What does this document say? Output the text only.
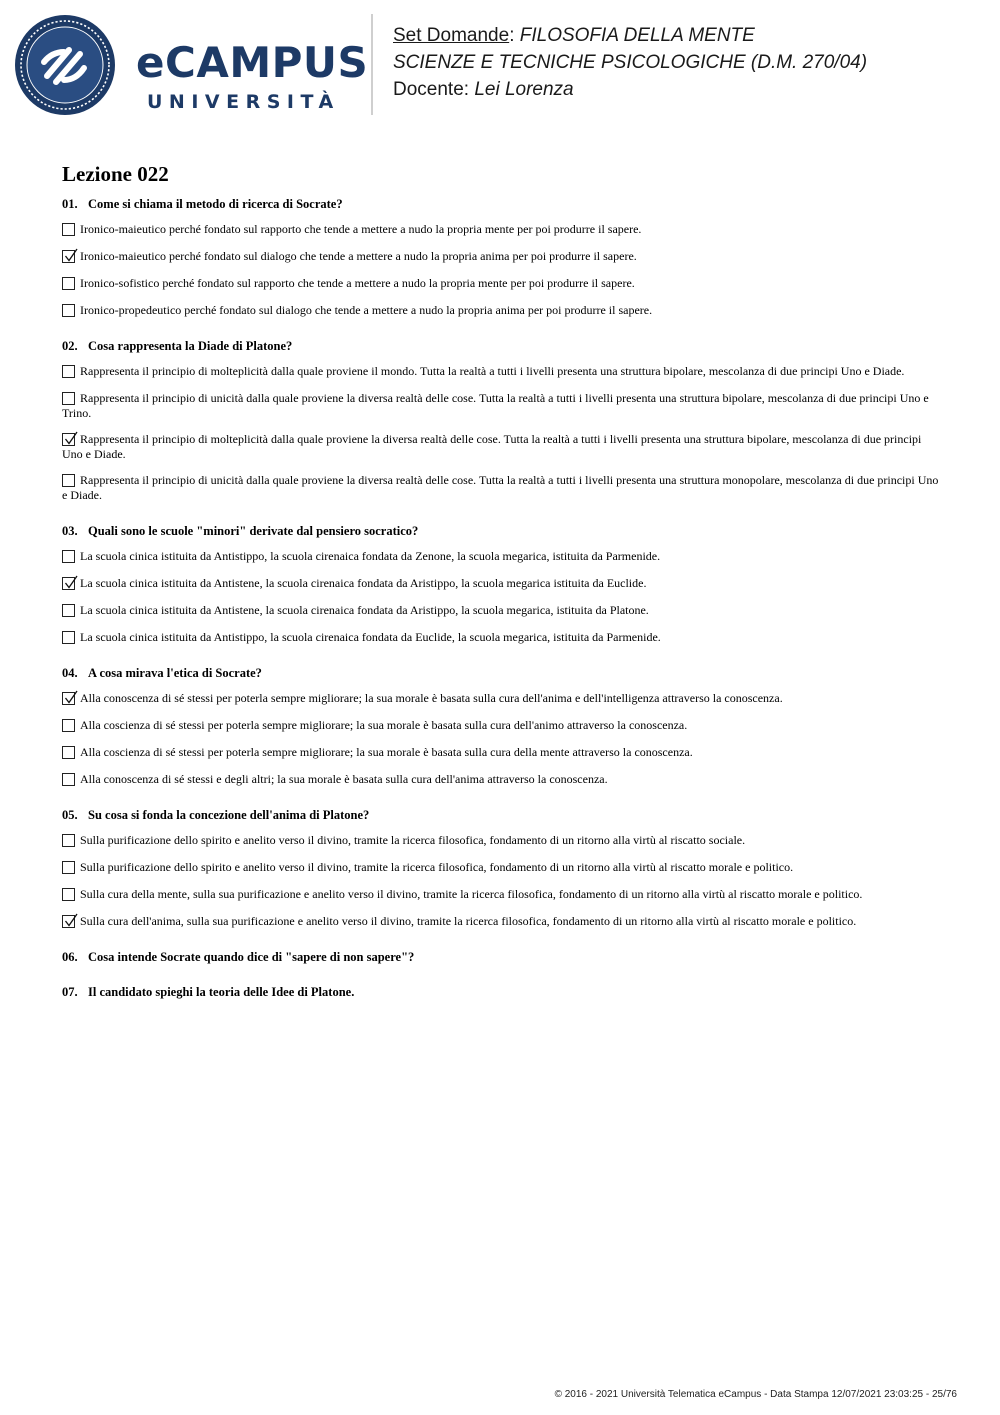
eCAMPUS
UNIVERSITÀ
Set Domande: FILOSOFIA DELLA MENTE
SCIENZE E TECNICHE PSICOLOGICHE (D.M. 270/04)
Docente: Lei Lorenza
Lezione 022
01. Come si chiama il metodo di ricerca di Socrate?
Ironico-maieutico perché fondato sul rapporto che tende a mettere a nudo la propria mente per poi produrre il sapere.
Ironico-maieutico perché fondato sul dialogo che tende a mettere a nudo la propria anima per poi produrre il sapere.
Ironico-sofistico perché fondato sul rapporto che tende a mettere a nudo la propria mente per poi produrre il sapere.
Ironico-propedeutico perché fondato sul dialogo che tende a mettere a nudo la propria anima per poi produrre il sapere.
02. Cosa rappresenta la Diade di Platone?
Rappresenta il principio di molteplicità dalla quale proviene il mondo. Tutta la realtà a tutti i livelli presenta una struttura bipolare, mescolanza di due principi Uno e Diade.
Rappresenta il principio di unicità dalla quale proviene la diversa realtà delle cose. Tutta la realtà a tutti i livelli presenta una struttura bipolare, mescolanza di due principi Uno e Trino.
Rappresenta il principio di molteplicità dalla quale proviene la diversa realtà delle cose. Tutta la realtà a tutti i livelli presenta una struttura bipolare, mescolanza di due principi Uno e Diade.
Rappresenta il principio di unicità dalla quale proviene la diversa realtà delle cose. Tutta la realtà a tutti i livelli presenta una struttura monopolare, mescolanza di due principi Uno e Diade.
03. Quali sono le scuole "minori" derivate dal pensiero socratico?
La scuola cinica istituita da Antistippo, la scuola cirenaica fondata da Zenone, la scuola megarica, istituita da Parmenide.
La scuola cinica istituita da Antistene, la scuola cirenaica fondata da Aristippo, la scuola megarica istituita da Euclide.
La scuola cinica istituita da Antistene, la scuola cirenaica fondata da Aristippo, la scuola megarica, istituita da Platone.
La scuola cinica istituita da Antistippo, la scuola cirenaica fondata da Euclide, la scuola megarica, istituita da Parmenide.
04. A cosa mirava l'etica di Socrate?
Alla conoscenza di sé stessi per poterla sempre migliorare; la sua morale è basata sulla cura dell'anima e dell'intelligenza attraverso la conoscenza.
Alla coscienza di sé stessi per poterla sempre migliorare; la sua morale è basata sulla cura dell'animo attraverso la conoscenza.
Alla coscienza di sé stessi per poterla sempre migliorare; la sua morale è basata sulla cura della mente attraverso la conoscenza.
Alla conoscenza di sé stessi e degli altri; la sua morale è basata sulla cura dell'anima attraverso la conoscenza.
05. Su cosa si fonda la concezione dell'anima di Platone?
Sulla purificazione dello spirito e anelito verso il divino, tramite la ricerca filosofica, fondamento di un ritorno alla virtù al riscatto sociale.
Sulla purificazione dello spirito e anelito verso il divino, tramite la ricerca filosofica, fondamento di un ritorno alla virtù al riscatto morale e politico.
Sulla cura della mente, sulla sua purificazione e anelito verso il divino, tramite la ricerca filosofica, fondamento di un ritorno alla virtù al riscatto morale e politico.
Sulla cura dell'anima, sulla sua purificazione e anelito verso il divino, tramite la ricerca filosofica, fondamento di un ritorno alla virtù al riscatto morale e politico.
06. Cosa intende Socrate quando dice di "sapere di non sapere"?
07. Il candidato spieghi la teoria delle Idee di Platone.
© 2016 - 2021 Università Telematica eCampus - Data Stampa 12/07/2021 23:03:25 - 25/76
